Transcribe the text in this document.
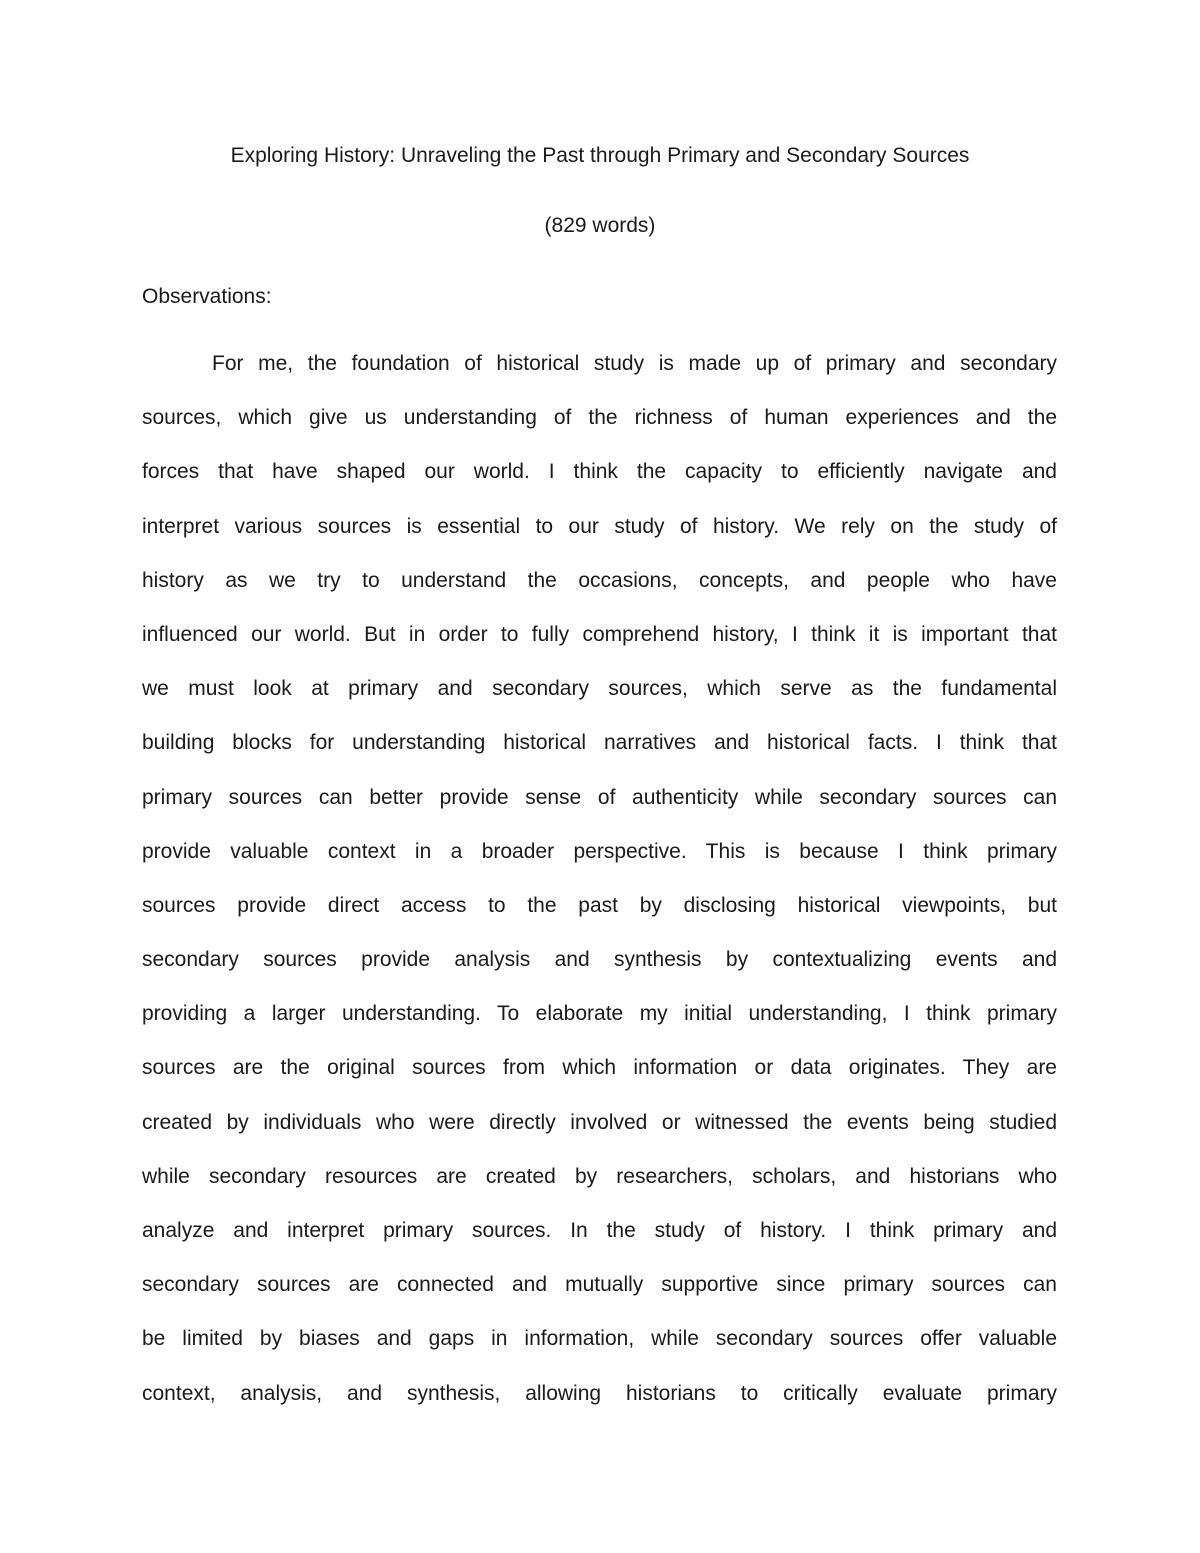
Exploring History: Unraveling the Past through Primary and Secondary Sources

(829 words)

Observations:

For me, the foundation of historical study is made up of primary and secondary
sources, which give us understanding of the richness of human experiences and the
forces that have shaped our world. I think the capacity to efficiently navigate and
interpret various sources is essential to our study of history. We rely on the study of
history as we try to understand the occasions, concepts, and people who have
influenced our world. But in order to fully comprehend history, I think it is important that
we must look at primary and secondary sources, which serve as the fundamental
building blocks for understanding historical narratives and historical facts. I think that
primary sources can better provide sense of authenticity while secondary sources can
provide valuable context in a broader perspective. This is because I think primary
sources provide direct access to the past by disclosing historical viewpoints, but
secondary sources provide analysis and synthesis by contextualizing events and
providing a larger understanding. To elaborate my initial understanding, I think primary
sources are the original sources from which information or data originates. They are
created by individuals who were directly involved or witnessed the events being studied
while secondary resources are created by researchers, scholars, and historians who
analyze and interpret primary sources. In the study of history. I think primary and
secondary sources are connected and mutually supportive since primary sources can
be limited by biases and gaps in information, while secondary sources offer valuable
context, analysis, and synthesis, allowing historians to critically evaluate primary
